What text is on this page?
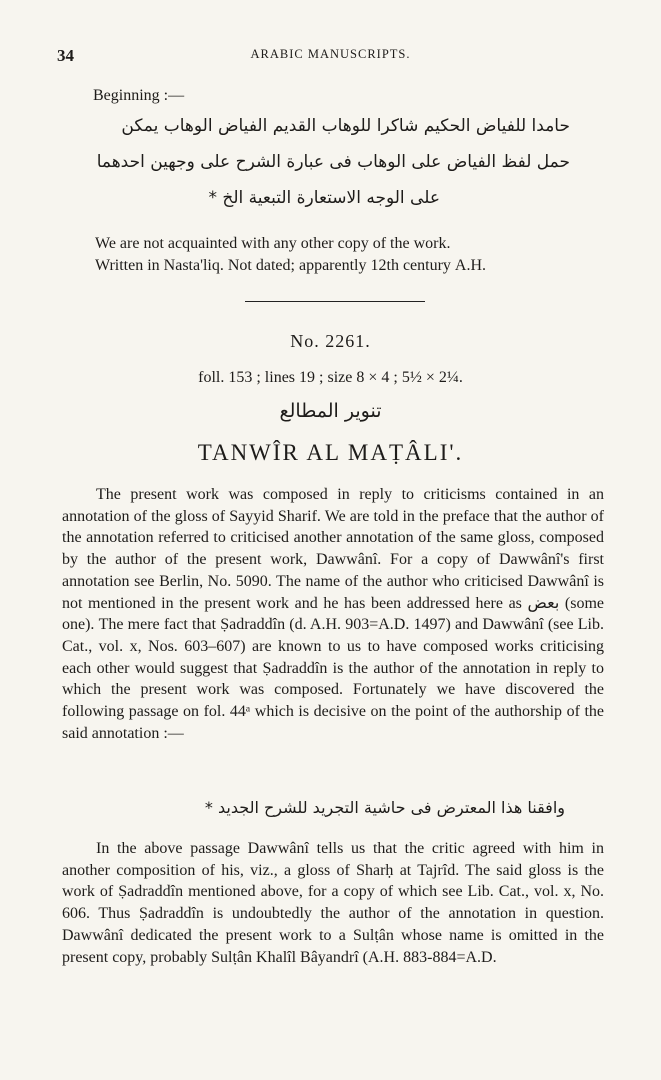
34	ARABIC MANUSCRIPTS.
Beginning :—
حامدا للفياض الحكيم شاكرا للوهاب القديم الفياض الوهاب يمكن
حمل لفظ الفياض على الوهاب فى عبارة الشرح على وجهين احدهما
على الوجه الاستعارة التبعية الخ *
We are not acquainted with any other copy of the work.
Written in Nasta'liq. Not dated; apparently 12th century A.H.
No. 2261.
foll. 153 ; lines 19 ; size 8 × 4 ; 5½ × 2¼.
تنوير المطالع
TANWÎR AL MAṬÂLI'.

The present work was composed in reply to criticisms contained in an annotation of the gloss of Sayyid Sharif. We are told in the preface that the author of the annotation referred to criticised another annotation of the same gloss, composed by the author of the present work, Dawwânî. For a copy of Dawwânî's first annotation see Berlin, No. 5090. The name of the author who criticised Dawwânî is not mentioned in the present work and he has been addressed here as بعض (some one). The mere fact that Ṣadraddîn (d. A.H. 903=A.D. 1497) and Dawwânî (see Lib. Cat., vol. x, Nos. 603–607) are known to us to have composed works criticising each other would suggest that Ṣadraddîn is the author of the annotation in reply to which the present work was composed. Fortunately we have discovered the following passage on fol. 44ᵃ which is decisive on the point of the authorship of the said annotation :—

وافقنا هذا المعترض فى حاشية التجريد للشرح الجديد *

In the above passage Dawwânî tells us that the critic agreed with him in another composition of his, viz., a gloss of Sharḥ at Tajrîd. The said gloss is the work of Ṣadraddîn mentioned above, for a copy of which see Lib. Cat., vol. x, No. 606. Thus Ṣadraddîn is undoubtedly the author of the annotation in question. Dawwânî dedicated the present work to a Sulṭân whose name is omitted in the present copy, probably Sulṭân Khalîl Bâyandrî (A.H. 883-884=A.D.
